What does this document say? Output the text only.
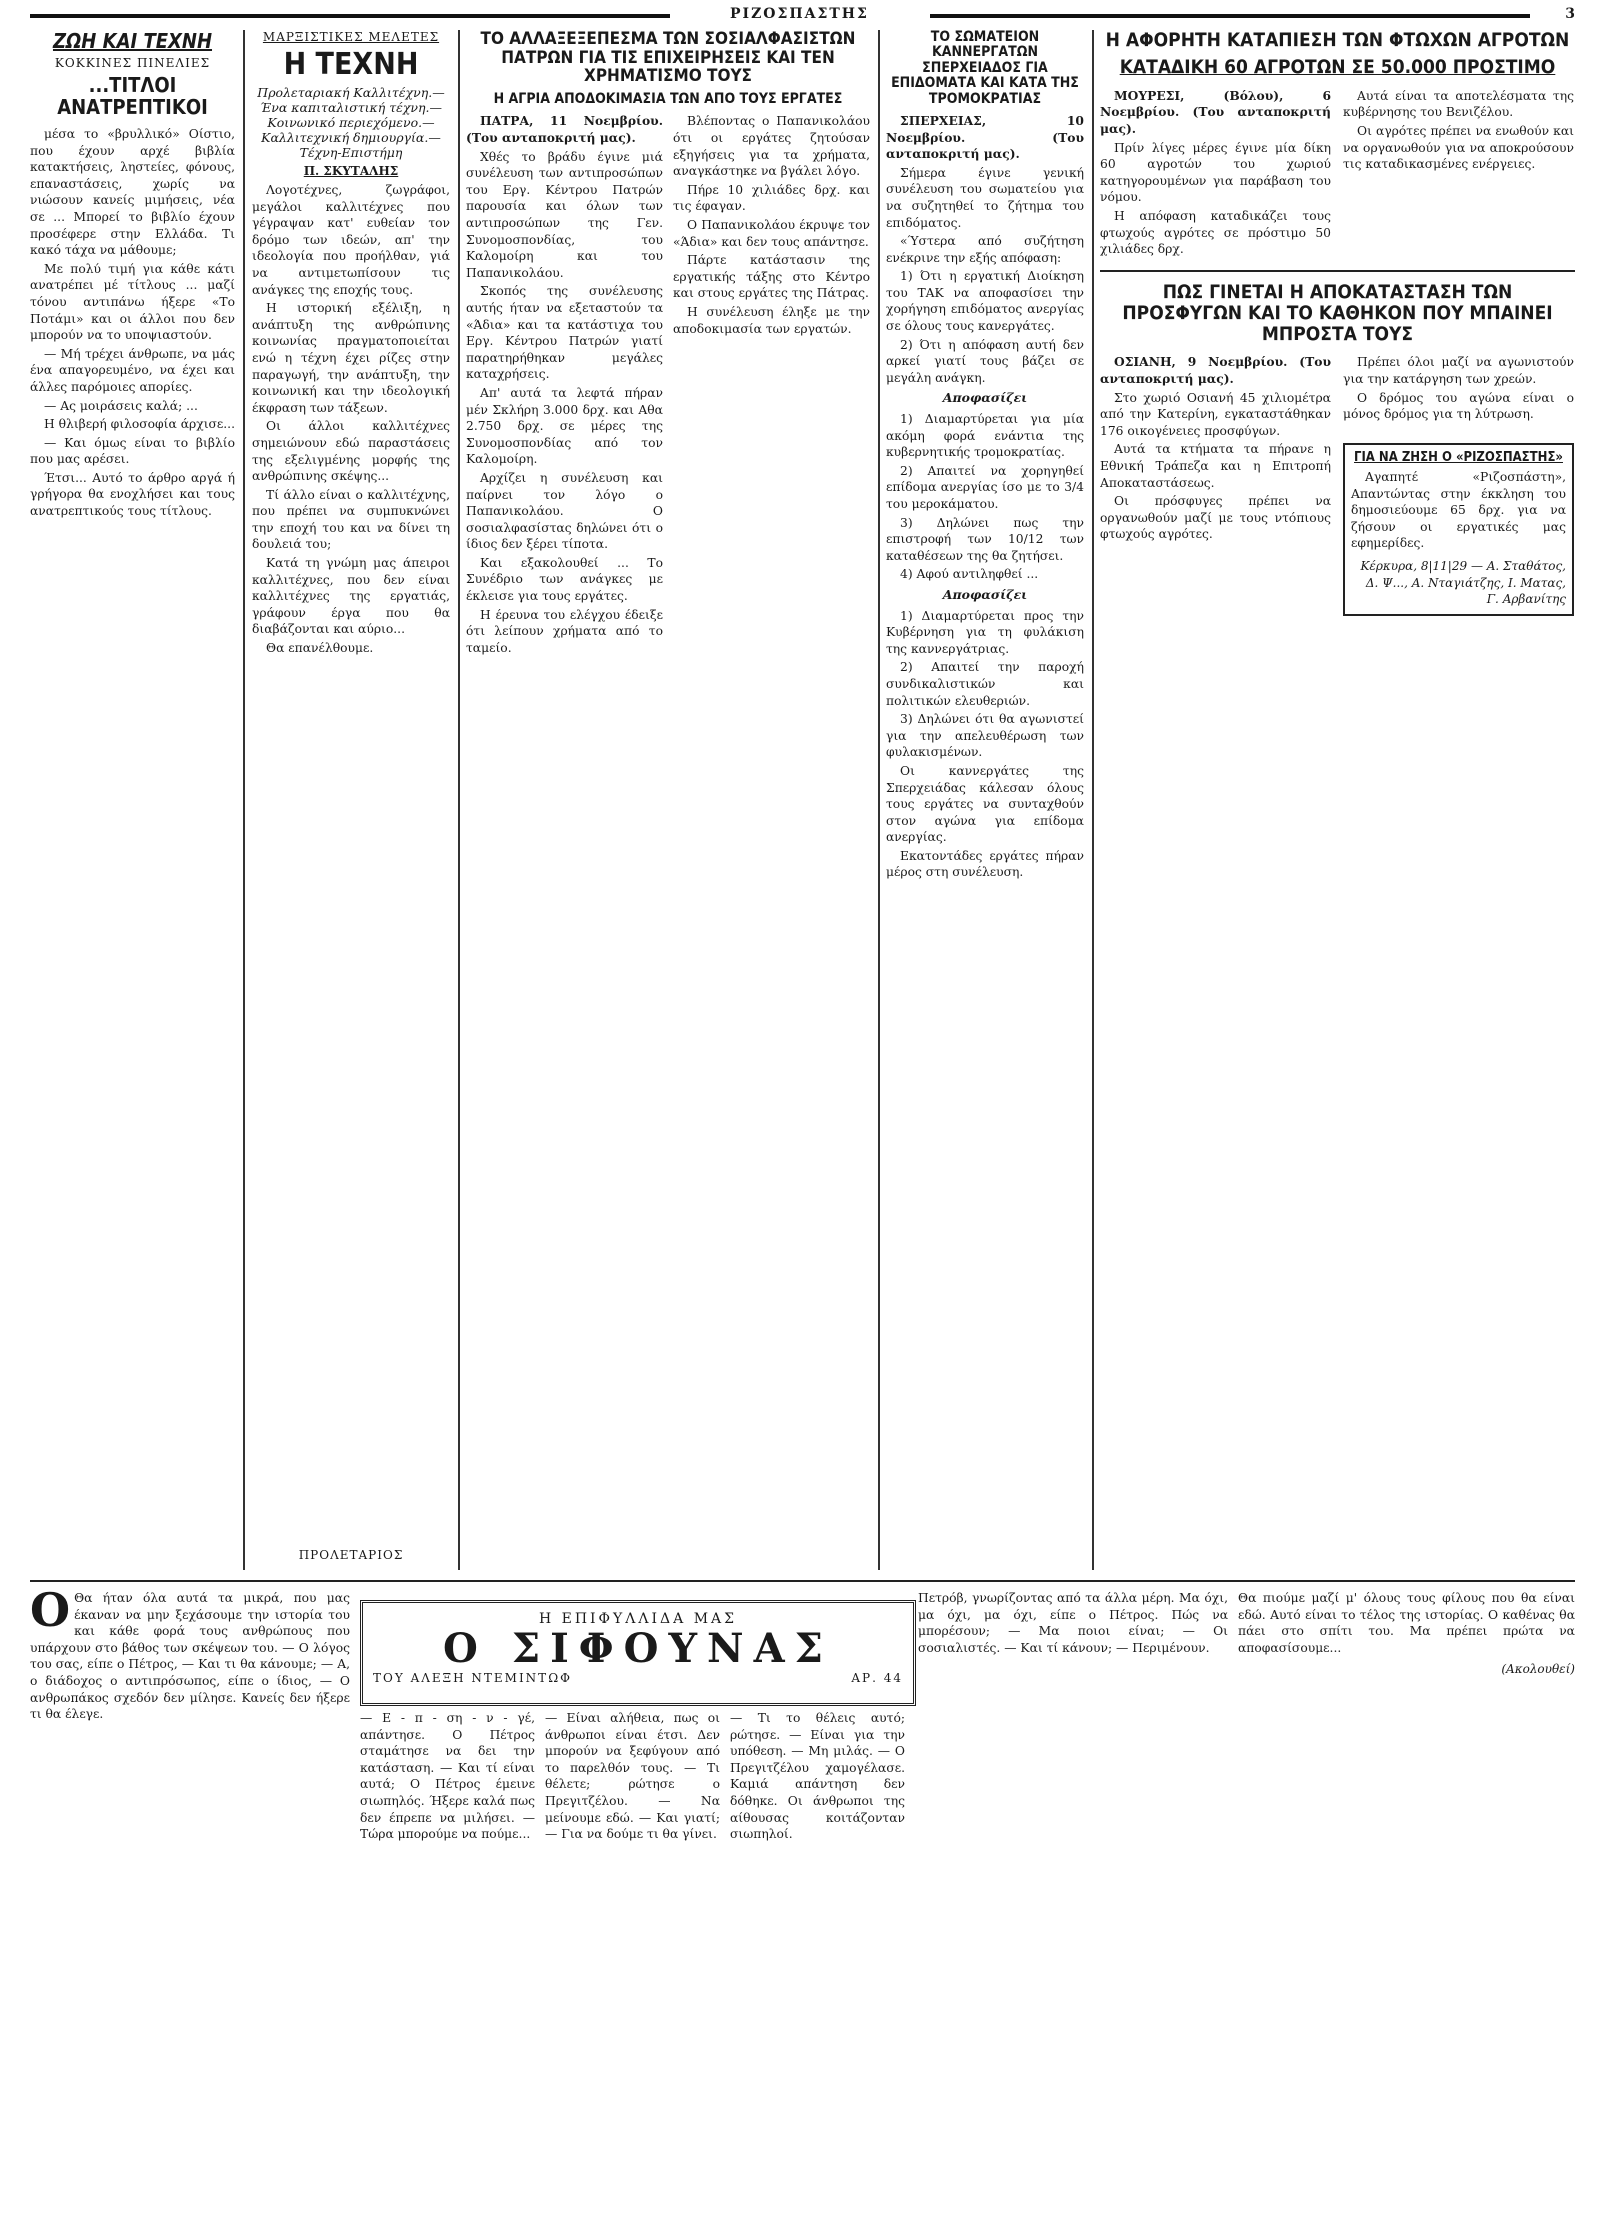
ΡΙΖΟΣΠΑΣΤΗΣ	3
ΖΩΗ ΚΑΙ ΤΕΧΝΗ
ΚΟΚΚΙΝΕΣ ΠΙΝΕΛΙΕΣ
...ΤΙΤΛΟΙ ΑΝΑΤΡΕΠΤΙΚΟΙ

μέσα το «βρυλλικό» Οίστιο, που έχουν αρχέ βιβλία κατακτήσεις, ληστείες, φόνους, επαναστάσεις, χωρίς να νιώσουν κανείς μιμήσεις, νέα σε ... Μπορεί το βιβλίο έχουν προσέφερε στην Ελλάδα. Τι κακό τάχα να μάθουμε;

Με πολύ τιμή για κάθε κάτι ανατρέπει μέ τίτλους ... μαζί τόνου αντιπάνω ήξερε «Το Ποτάμι» και οι άλλοι που δεν μπορούν να το υποψιαστούν.

— Μή τρέχει άνθρωπε, να μάς ένα απαγορευμένο, να έχει και άλλες παρόμοιες απορίες.

— Ας μοιράσεις καλά; ...

Η θλιβερή φιλοσοφία άρχισε...

— Και όμως είναι το βιβλίο που μας αρέσει.

Έτσι... Αυτό το άρθρο αργά ή γρήγορα θα ενοχλήσει και τους ανατρεπτικούς τους τίτλους.

ΜΑΡΞΙΣΤΙΚΕΣ ΜΕΛΕΤΕΣ
Η ΤΕΧΝΗ
Προλεταριακή Καλλιτέχνη.— Ένα καπιταλιστική τέχνη.— Κοινωνικό περιεχόμενο.— Καλλιτεχνική δημιουργία.— Τέχνη-Επιστήμη
Π. ΣΚΥΤΑΛΗΣ

Λογοτέχνες, ζωγράφοι, μεγάλοι καλλιτέχνες που γέγραψαν κατ' ευθείαν τον δρόμο των ιδεών, απ' την ιδεολογία που προήλθαν, γιά να αντιμετωπίσουν τις ανάγκες της εποχής τους.

Η ιστορική εξέλιξη, η ανάπτυξη της ανθρώπινης κοινωνίας πραγματοποιείται ενώ η τέχνη έχει ρίζες στην παραγωγή, την ανάπτυξη, την κοινωνική και την ιδεολογική έκφραση των τάξεων.

Οι άλλοι καλλιτέχνες σημειώνουν εδώ παραστάσεις της εξελιγμένης μορφής της ανθρώπινης σκέψης...

Τί άλλο είναι ο καλλιτέχνης, που πρέπει να συμπυκνώνει την εποχή του και να δίνει τη δουλειά του;

Κατά τη γνώμη μας άπειροι καλλιτέχνες, που δεν είναι καλλιτέχνες της εργατιάς, γράφουν έργα που θα διαβάζονται και αύριο...

Θα επανέλθουμε.

ΠΡΟΛΕΤΑΡΙΟΣ
ΤΟ ΑΛΛΑΞΕΞΕΠΕΣΜΑ ΤΩΝ ΣΟΣΙΑΛΦΑΣΙΣΤΩΝ ΠΑΤΡΩΝ ΓΙΑ ΤΙΣ ΕΠΙΧΕΙΡΗΣΕΙΣ ΚΑΙ ΤΕΝ ΧΡΗΜΑΤΙΣΜΟ ΤΟΥΣ
Η ΑΓΡΙΑ ΑΠΟΔΟΚΙΜΑΣΙΑ ΤΩΝ ΑΠΟ ΤΟΥΣ ΕΡΓΑΤΕΣ

ΠΑΤΡΑ, 11 Νοεμβρίου. (Του ανταποκριτή μας).

Χθές το βράδυ έγινε μιά συνέλευση των αντιπροσώπων του Εργ. Κέντρου Πατρών παρουσία και όλων των αντιπροσώπων της Γεν. Συνομοσπονδίας, του Καλομοίρη και του Παπανικολάου.

Σκοπός της συνέλευσης αυτής ήταν να εξεταστούν τα «Άδια» και τα κατάστιχα του Εργ. Κέντρου Πατρών γιατί παρατηρήθηκαν μεγάλες καταχρήσεις.

Απ' αυτά τα λεφτά πήραν μέν Σκλήρη 3.000 δρχ. και Αθα 2.750 δρχ. σε μέρες της Συνομοσπονδίας από τον Καλομοίρη.

Αρχίζει η συνέλευση και παίρνει τον λόγο ο Παπανικολάου. Ο σοσιαλφασίστας δηλώνει ότι ο ίδιος δεν ξέρει τίποτα.

Και εξακολουθεί ... Το Συνέδριο των ανάγκες με έκλεισε για τους εργάτες.

Η έρευνα του ελέγχου έδειξε ότι λείπουν χρήματα από το ταμείο.

Βλέποντας ο Παπανικολάου ότι οι εργάτες ζητούσαν εξηγήσεις για τα χρήματα, αναγκάστηκε να βγάλει λόγο.

Πήρε 10 χιλιάδες δρχ. και τις έφαγαν.

Ο Παπανικολάου έκρυψε τον «Άδια» και δεν τους απάντησε.

Πάρτε κατάστασιν της εργατικής τάξης στο Κέντρο και στους εργάτες της Πάτρας.

Η συνέλευση έληξε με την αποδοκιμασία των εργατών.

ΤΟ ΣΩΜΑΤΕΙΟΝ ΚΑΝΝΕΡΓΑΤΩΝ ΣΠΕΡΧΕΙΑΔΟΣ ΓΙΑ ΕΠΙΔΟΜΑΤΑ ΚΑΙ ΚΑΤΑ ΤΗΣ ΤΡΟΜΟΚΡΑΤΙΑΣ

ΣΠΕΡΧΕΙΑΣ, 10 Νοεμβρίου. (Του ανταποκριτή μας).

Σήμερα έγινε γενική συνέλευση του σωματείου για να συζητηθεί το ζήτημα του επιδόματος.

«Ύστερα από συζήτηση ενέκρινε την εξής απόφαση:

1) Ότι η εργατική Διοίκηση του ΤΑΚ να αποφασίσει την χορήγηση επιδόματος ανεργίας σε όλους τους κανεργάτες.

2) Ότι η απόφαση αυτή δεν αρκεί γιατί τους βάζει σε μεγάλη ανάγκη.

Αποφασίζει

1) Διαμαρτύρεται για μία ακόμη φορά ενάντια της κυβερνητικής τρομοκρατίας.

2) Απαιτεί να χορηγηθεί επίδομα ανεργίας ίσο με το 3/4 του μεροκάματου.

3) Δηλώνει πως την επιστροφή των 10/12 των καταθέσεων της θα ζητήσει.

4) Αφού αντιληφθεί ...

Αποφασίζει

1) Διαμαρτύρεται προς την Κυβέρνηση για τη φυλάκιση της καννεργάτριας.

2) Απαιτεί την παροχή συνδικαλιστικών και πολιτικών ελευθεριών.

3) Δηλώνει ότι θα αγωνιστεί για την απελευθέρωση των φυλακισμένων.

Οι καννεργάτες της Σπερχειάδας κάλεσαν όλους τους εργάτες να συνταχθούν στον αγώνα για επίδομα ανεργίας.

Εκατοντάδες εργάτες πήραν μέρος στη συνέλευση.

Η ΑΦΟΡΗΤΗ ΚΑΤΑΠΙΕΣΗ ΤΩΝ ΦΤΩΧΩΝ ΑΓΡΟΤΩΝ
ΚΑΤΑΔΙΚΗ 60 ΑΓΡΟΤΩΝ ΣΕ 50.000 ΠΡΟΣΤΙΜΟ

ΜΟΥΡΕΣΙ, (Βόλου), 6 Νοεμβρίου. (Του ανταποκριτή μας).

Πρίν λίγες μέρες έγινε μία δίκη 60 αγροτών του χωριού κατηγορουμένων για παράβαση του νόμου.

Η απόφαση καταδικάζει τους φτωχούς αγρότες σε πρόστιμο 50 χιλιάδες δρχ.

Αυτά είναι τα αποτελέσματα της κυβέρνησης του Βενιζέλου.

Οι αγρότες πρέπει να ενωθούν και να οργανωθούν για να αποκρούσουν τις καταδικασμένες ενέργειες.

ΠΩΣ ΓΙΝΕΤΑΙ Η ΑΠΟΚΑΤΑΣΤΑΣΗ ΤΩΝ ΠΡΟΣΦΥΓΩΝ ΚΑΙ ΤΟ ΚΑΘΗΚΟΝ ΠΟΥ ΜΠΑΙΝΕΙ ΜΠΡΟΣΤΑ ΤΟΥΣ

ΟΣΙΑΝΗ, 9 Νοεμβρίου. (Του ανταποκριτή μας).

Στο χωριό Οσιανή 45 χιλιομέτρα από την Κατερίνη, εγκαταστάθηκαν 176 οικογένειες προσφύγων.

Αυτά τα κτήματα τα πήρανε η Εθνική Τράπεζα και η Επιτροπή Αποκαταστάσεως.

Οι πρόσφυγες πρέπει να οργανωθούν μαζί με τους ντόπιους φτωχούς αγρότες.

Πρέπει όλοι μαζί να αγωνιστούν για την κατάργηση των χρεών.

Ο δρόμος του αγώνα είναι ο μόνος δρόμος για τη λύτρωση.

ΓΙΑ ΝΑ ΖΗΣΗ Ο «ΡΙΖΟΣΠΑΣΤΗΣ»

Αγαπητέ «Ριζοσπάστη», Απαντώντας στην έκκληση του δημοσιεύουμε 65 δρχ. για να ζήσουν οι εργατικές μας εφημερίδες.

Κέρκυρα, 8|11|29 — Α. Σταθάτος, Δ. Ψ..., Α. Νταγιάτζης, Ι. Ματας, Γ. Αρβανίτης
Η ΕΠΙΦΥΛΛΙΔΑ ΜΑΣ
Ο ΣΙΦΟΥΝΑΣ
ΤΟΥ ΑΛΕΞΗ ΝΤΕΜΙΝΤΩΦ	ΑΡ. 44

Ο Θα ήταν όλα αυτά τα μικρά, που μας έκαναν να μην ξεχάσουμε την ιστορία του και κάθε φορά τους ανθρώπους που υπάρχουν στο βάθος των σκέψεων του. — Ο λόγος του σας, είπε ο Πέτρος, — Και τι θα κάνουμε; — Α, ο διάδοχος ο αντιπρόσωπος, είπε ο ίδιος, — Ο ανθρωπάκος σχεδόν δεν μίλησε. Κανείς δεν ήξερε τι θα έλεγε.	— Ε - π - ση - ν - γέ, απάντησε. Ο Πέτρος σταμάτησε να δει την κατάσταση. — Και τί είναι αυτά; Ο Πέτρος έμεινε σιωπηλός. Ήξερε καλά πως δεν έπρεπε να μιλήσει. — Τώρα μπορούμε να πούμε...
— Είναι αλήθεια, πως οι άνθρωποι είναι έτσι. Δεν μπορούν να ξεφύγουν από το παρελθόν τους. — Τι θέλετε; ρώτησε ο Πρεγιτζέλου. — Να μείνουμε εδώ. — Και γιατί; — Για να δούμε τι θα γίνει.
— Τι το θέλεις αυτό; ρώτησε. — Είναι για την υπόθεση. — Μη μιλάς. — Ο Πρεγιτζέλου χαμογέλασε. Καμιά απάντηση δεν δόθηκε. Οι άνθρωποι της αίθουσας κοιτάζονταν σιωπηλοί.
Πετρόβ, γνωρίζοντας από τα άλλα μέρη. Μα όχι, μα όχι, μα όχι, είπε ο Πέτρος. Πώς να μπορέσουν; — Μα ποιοι είναι; — Οι σοσιαλιστές. — Και τί κάνουν; — Περιμένουν.
Θα πιούμε μαζί μ' όλους τους φίλους που θα είναι εδώ. Αυτό είναι το τέλος της ιστορίας. Ο καθένας θα πάει στο σπίτι του. Μα πρέπει πρώτα να αποφασίσουμε...
(Ακολουθεί)
